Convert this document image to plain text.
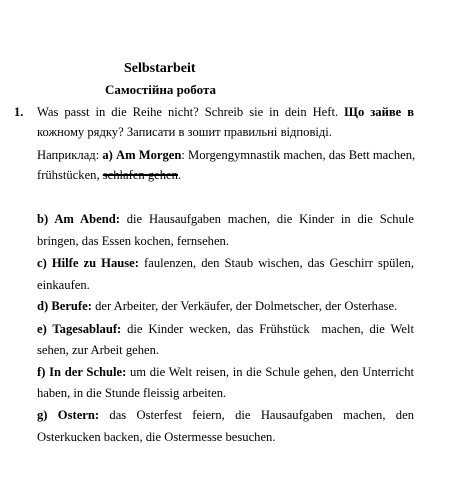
Selbstarbeit
Самостійна робота
1. Was passt in die Reihe nicht? Schreib sie in dein Heft. Що зайве в
кожному рядку? Записати в зошит правильні відповіді.
Наприклад: а) Am Morgen: Morgengymnastik machen, das Bett machen,
frühstücken, schlafen gehen.
b) Am Abend: die Hausaufgaben machen, die Kinder in die Schule
bringen, das Essen kochen, fernsehen.
c) Hilfe zu Hause: faulenzen, den Staub wischen, das Geschirr spülen,
einkaufen.
d) Berufe: der Arbeiter, der Verkäufer, der Dolmetscher, der Osterhase.
e) Tagesablauf: die Kinder wecken, das Frühstück  machen, die Welt
sehen, zur Arbeit gehen.
f) In der Schule: um die Welt reisen, in die Schule gehen, den Unterricht
haben, in die Stunde fleissig arbeiten.
g) Ostern: das Osterfest feiern, die Hausaufgaben machen, den
Osterkucken backen, die Ostermesse besuchen.
